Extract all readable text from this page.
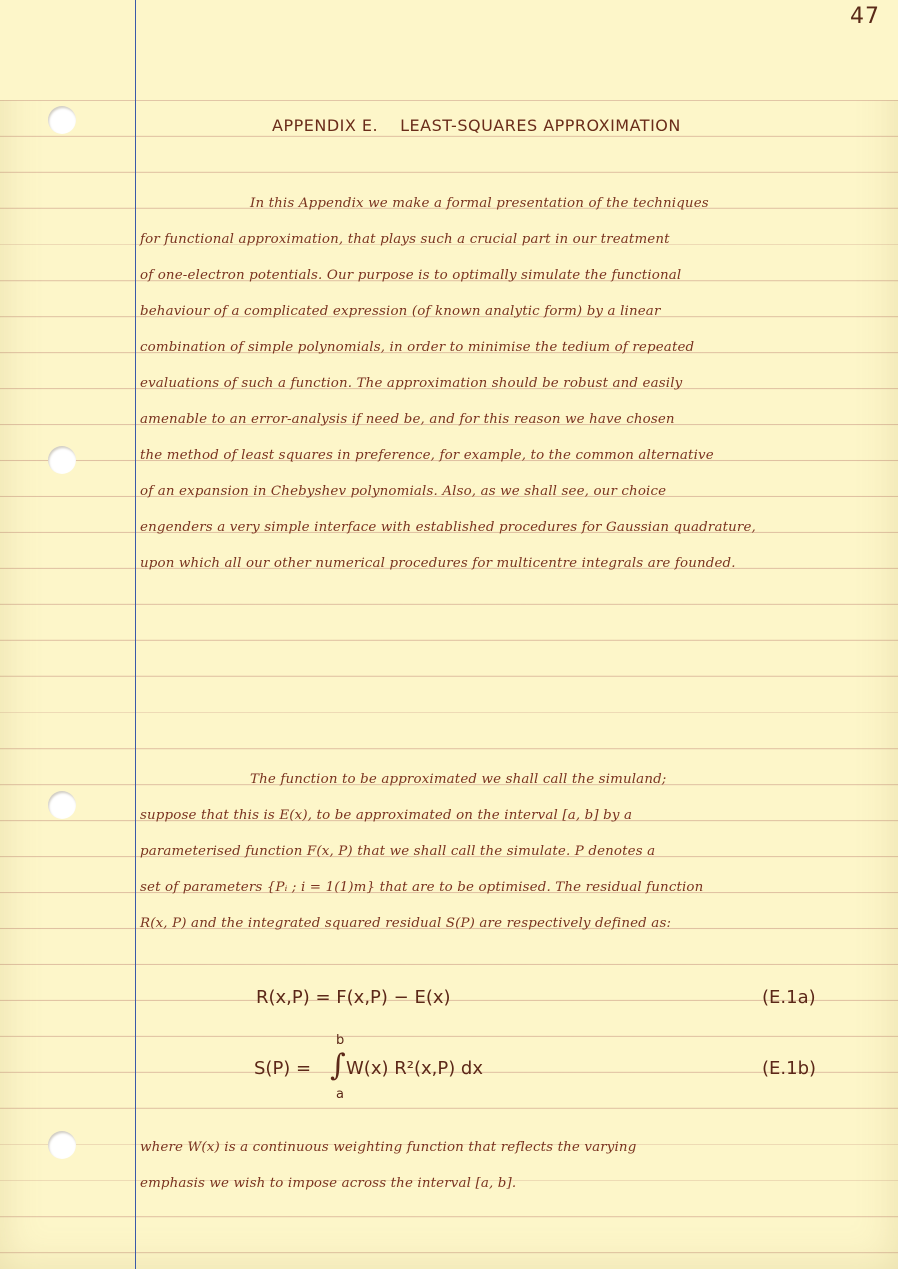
47
APPENDIX E. LEAST-SQUARES APPROXIMATION
In this Appendix we make a formal presentation of the techniques
for functional approximation, that plays such a crucial part in our treatment
of one-electron potentials. Our purpose is to optimally simulate the functional
behaviour of a complicated expression (of known analytic form) by a linear
combination of simple polynomials, in order to minimise the tedium of repeated
evaluations of such a function. The approximation should be robust and easily
amenable to an error-analysis if need be, and for this reason we have chosen
the method of least squares in preference, for example, to the common alternative
of an expansion in Chebyshev polynomials. Also, as we shall see, our choice
engenders a very simple interface with established procedures for Gaussian quadrature,
upon which all our other numerical procedures for multicentre integrals are founded.
The function to be approximated we shall call the simuland;
suppose that this is E(x), to be approximated on the interval [a, b] by a
parameterised function F(x, P) that we shall call the simulate. P denotes a
set of parameters {Pᵢ ; i = 1(1)m} that are to be optimised. The residual function
R(x, P) and the integrated squared residual S(P) are respectively defined as:
R(x,P) = F(x,P) − E(x)	(E.1a)
S(P) =
b
∫
a
W(x) R²(x,P) dx	(E.1b)
where W(x) is a continuous weighting function that reflects the varying
emphasis we wish to impose across the interval [a, b].
